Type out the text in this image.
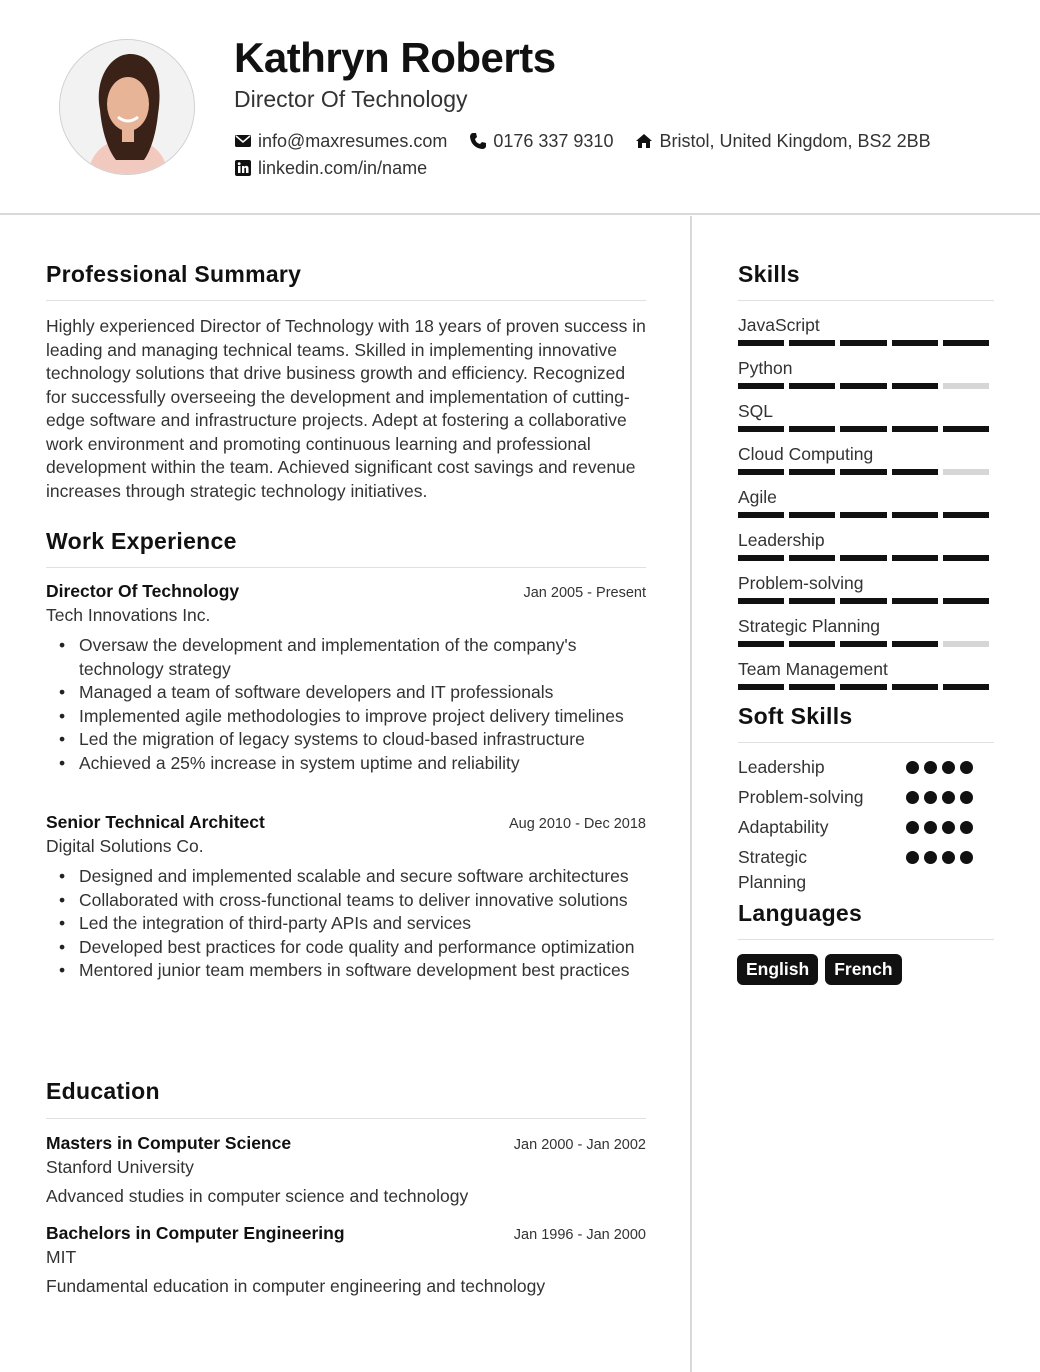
Kathryn Roberts
Director Of Technology
info@maxresumes.com	0176 337 9310	Bristol, United Kingdom, BS2 2BB
linkedin.com/in/name
Professional Summary
Highly experienced Director of Technology with 18 years of proven success in leading and managing technical teams. Skilled in implementing innovative technology solutions that drive business growth and efficiency. Recognized for successfully overseeing the development and implementation of cutting-edge software and infrastructure projects. Adept at fostering a collaborative work environment and promoting continuous learning and professional development within the team. Achieved significant cost savings and revenue increases through strategic technology initiatives.
Work Experience
Director Of Technology	Jan 2005 - Present
Tech Innovations Inc.
• Oversaw the development and implementation of the company's technology strategy
• Managed a team of software developers and IT professionals
• Implemented agile methodologies to improve project delivery timelines
• Led the migration of legacy systems to cloud-based infrastructure
• Achieved a 25% increase in system uptime and reliability
Senior Technical Architect	Aug 2010 - Dec 2018
Digital Solutions Co.
• Designed and implemented scalable and secure software architectures
• Collaborated with cross-functional teams to deliver innovative solutions
• Led the integration of third-party APIs and services
• Developed best practices for code quality and performance optimization
• Mentored junior team members in software development best practices
Education
Masters in Computer Science	Jan 2000 - Jan 2002
Stanford University
Advanced studies in computer science and technology
Bachelors in Computer Engineering	Jan 1996 - Jan 2000
MIT
Fundamental education in computer engineering and technology
Skills
JavaScript
Python
SQL
Cloud Computing
Agile
Leadership
Problem-solving
Strategic Planning
Team Management
Soft Skills
Leadership
Problem-solving
Adaptability
Strategic Planning
Languages
English	French
